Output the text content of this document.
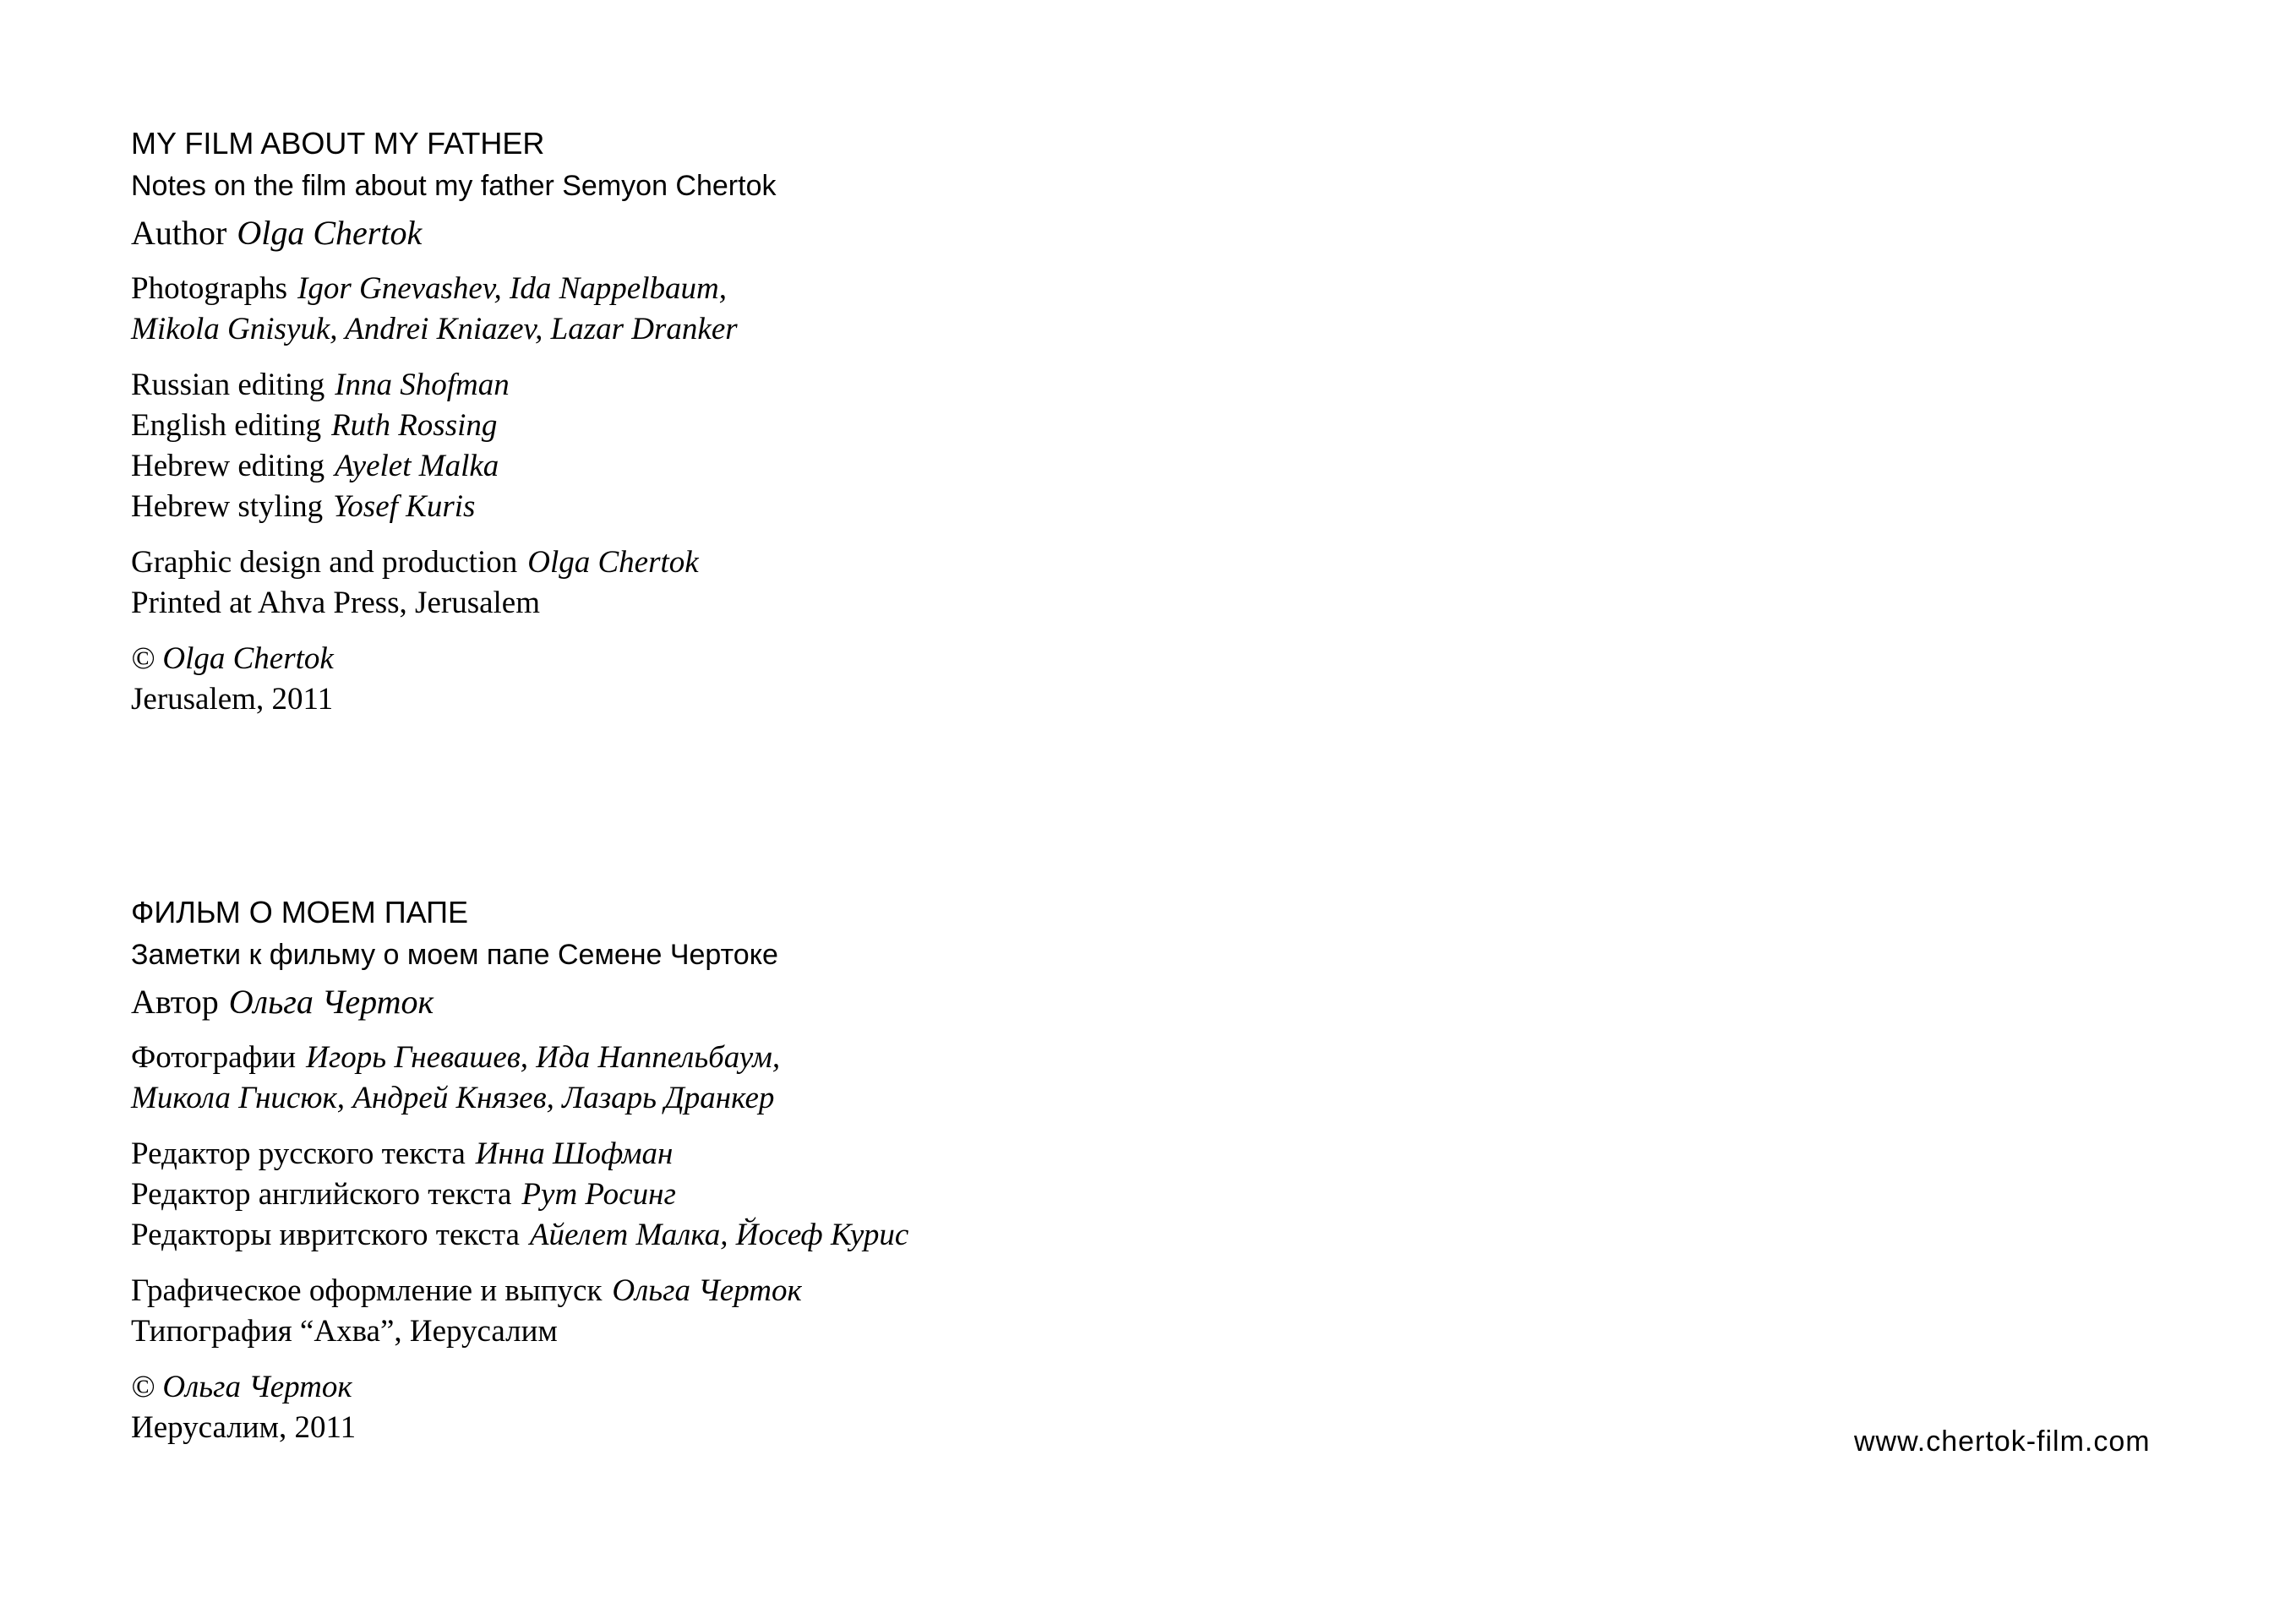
MY FILM ABOUT MY FATHER
Notes on the film about my father Semyon Chertok
Author Olga Chertok
Photographs Igor Gnevashev, Ida Nappelbaum,
Mikola Gnisyuk, Andrei Kniazev, Lazar Dranker
Russian editing Inna Shofman
English editing Ruth Rossing
Hebrew editing Ayelet Malka
Hebrew styling Yosef Kuris
Graphic design and production Olga Chertok
Printed at Ahva Press, Jerusalem
© Olga Chertok
Jerusalem, 2011
ФИЛЬМ О МОЕМ ПАПЕ
Заметки к фильму о моем папе Семене Чертоке
Автор Ольга Черток
Фотографии Игорь Гневашев, Ида Наппельбаум,
Микола Гнисюк, Андрей Князев, Лазарь Дранкер
Редактор русского текста Инна Шофман
Редактор английского текста Рут Росинг
Редакторы ивритского текста Айелет Малка, Йосеф Курис
Графическое оформление и выпуск Ольга Черток
Типография “Ахва”, Иерусалим
© Ольга Черток
Иерусалим, 2011	www.chertok-film.com
